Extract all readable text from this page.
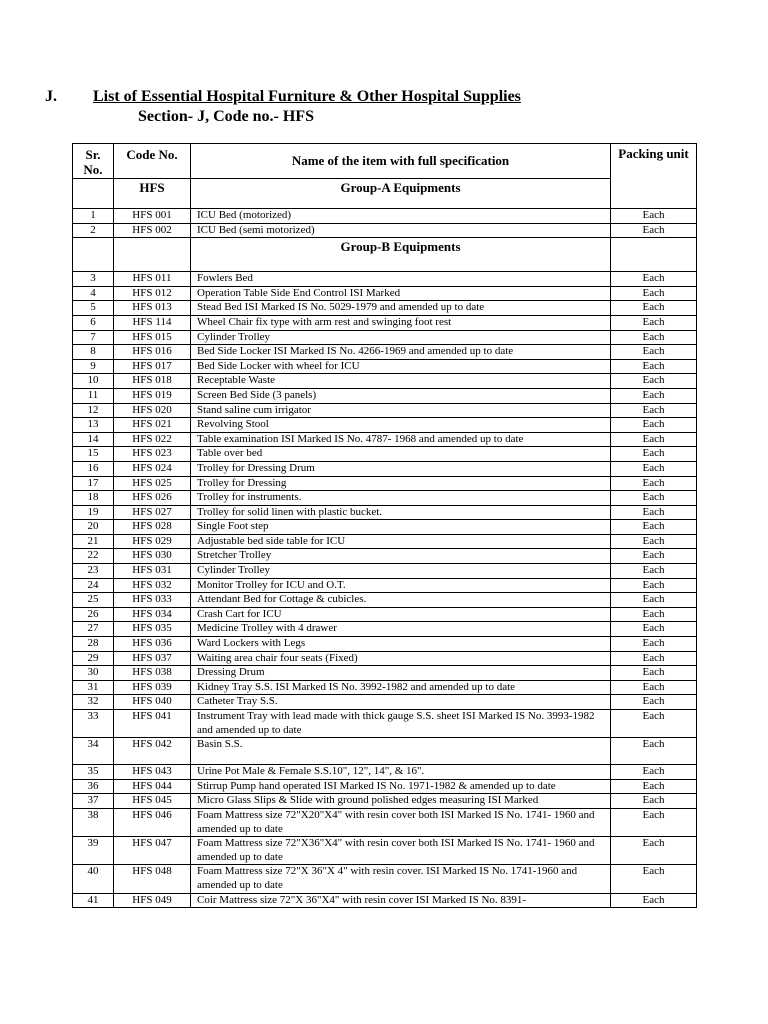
J. List of Essential Hospital Furniture & Other Hospital Supplies
Section- J, Code no.- HFS
Sr. No.	Code No.	Name of the item with full specification	Packing unit
	HFS	Group-A Equipments	
1	HFS 001	ICU Bed (motorized)	Each
2	HFS 002	ICU Bed (semi motorized)	Each
		Group-B Equipments	
3	HFS 011	Fowlers Bed	Each
4	HFS 012	Operation Table Side End Control ISI Marked	Each
5	HFS 013	Stead Bed ISI Marked IS No. 5029-1979 and amended up to date	Each
6	HFS 114	Wheel Chair fix type with arm rest and swinging foot rest	Each
7	HFS 015	Cylinder Trolley	Each
8	HFS 016	Bed Side Locker ISI Marked IS No. 4266-1969 and amended up to date	Each
9	HFS 017	Bed Side Locker with wheel for ICU	Each
10	HFS 018	Receptable Waste	Each
11	HFS 019	Screen Bed Side (3 panels)	Each
12	HFS 020	Stand saline cum irrigator	Each
13	HFS 021	Revolving Stool	Each
14	HFS 022	Table examination ISI Marked IS No. 4787- 1968 and amended up to date	Each
15	HFS 023	Table over bed	Each
16	HFS 024	Trolley for Dressing Drum	Each
17	HFS 025	Trolley for Dressing	Each
18	HFS 026	Trolley for instruments.	Each
19	HFS 027	Trolley for solid linen with plastic bucket.	Each
20	HFS 028	Single Foot step	Each
21	HFS 029	Adjustable bed side table for ICU	Each
22	HFS 030	Stretcher Trolley	Each
23	HFS 031	Cylinder Trolley	Each
24	HFS 032	Monitor Trolley for ICU and O.T.	Each
25	HFS 033	Attendant Bed for Cottage & cubicles.	Each
26	HFS 034	Crash Cart for ICU	Each
27	HFS 035	Medicine Trolley with 4 drawer	Each
28	HFS 036	Ward Lockers with Legs	Each
29	HFS 037	Waiting area chair four seats (Fixed)	Each
30	HFS 038	Dressing Drum	Each
31	HFS 039	Kidney Tray S.S. ISI Marked IS No. 3992-1982 and amended up to date	Each
32	HFS 040	Catheter Tray S.S.	Each
33	HFS 041	Instrument Tray with lead made with thick gauge S.S. sheet ISI Marked IS No. 3993-1982 and amended up to date	Each
34	HFS 042	Basin S.S.	Each
35	HFS 043	Urine Pot Male & Female S.S.10", 12", 14", & 16".	Each
36	HFS 044	Stirrup Pump hand operated ISI Marked IS No. 1971-1982 & amended up to date	Each
37	HFS 045	Micro Glass Slips & Slide with ground polished edges measuring ISI Marked	Each
38	HFS 046	Foam Mattress size 72"X20"X4" with resin cover both ISI Marked IS No. 1741- 1960 and amended up to date	Each
39	HFS 047	Foam Mattress size 72"X36"X4" with resin cover both ISI Marked IS No. 1741- 1960 and amended up to date	Each
40	HFS 048	Foam Mattress size 72"X 36"X 4" with resin cover. ISI Marked IS No. 1741-1960 and amended up to date	Each
41	HFS 049	Coir Mattress size 72"X 36"X4" with resin cover ISI Marked IS No. 8391-	Each
